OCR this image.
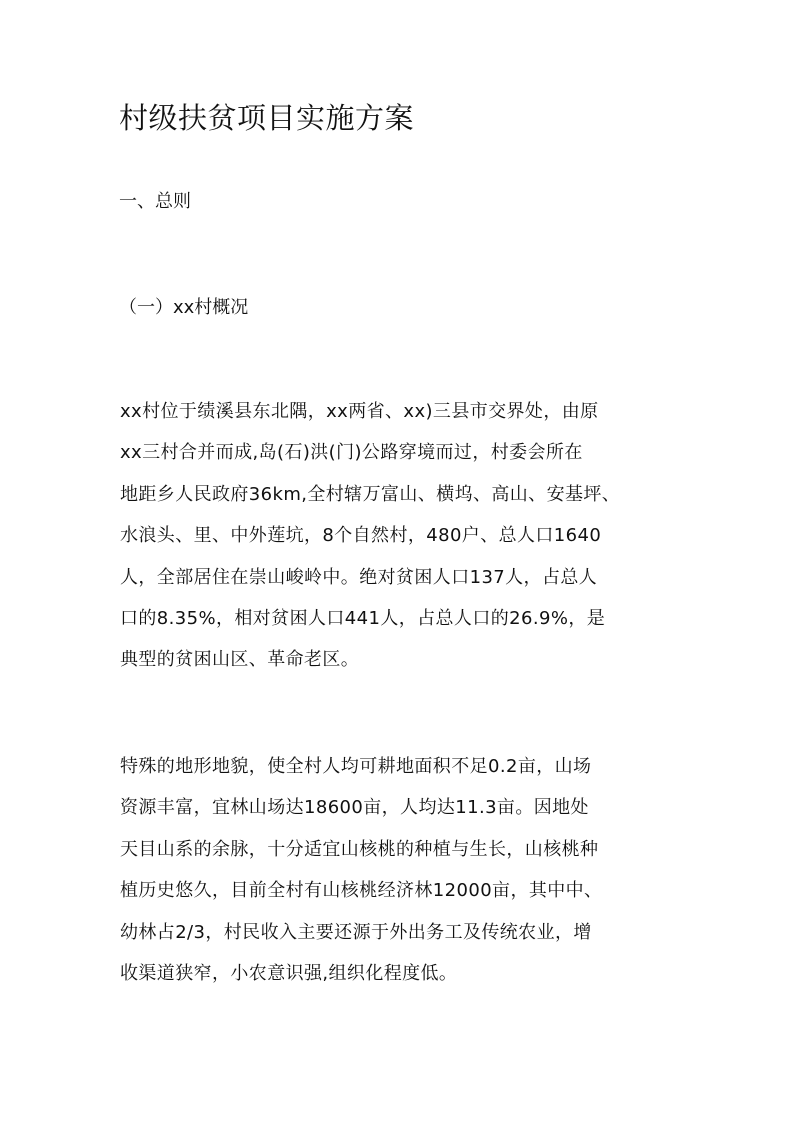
村级扶贫项目实施方案
一、总则
（一）xx村概况
xx村位于绩溪县东北隅，xx两省、xx)三县市交界处，由原
xx三村合并而成,岛(石)洪(门)公路穿境而过，村委会所在
地距乡人民政府36km,全村辖万富山、横坞、高山、安基坪、
水浪头、里、中外莲坑，8个自然村，480户、总人口1640
人，全部居住在崇山峻岭中。绝对贫困人口137人，占总人
口的8.35%，相对贫困人口441人，占总人口的26.9%，是
典型的贫困山区、革命老区。
特殊的地形地貌，使全村人均可耕地面积不足0.2亩，山场
资源丰富，宜林山场达18600亩，人均达11.3亩。因地处
天目山系的余脉，十分适宜山核桃的种植与生长，山核桃种
植历史悠久，目前全村有山核桃经济林12000亩，其中中、
幼林占2/3，村民收入主要还源于外出务工及传统农业，增
收渠道狭窄，小农意识强,组织化程度低。
